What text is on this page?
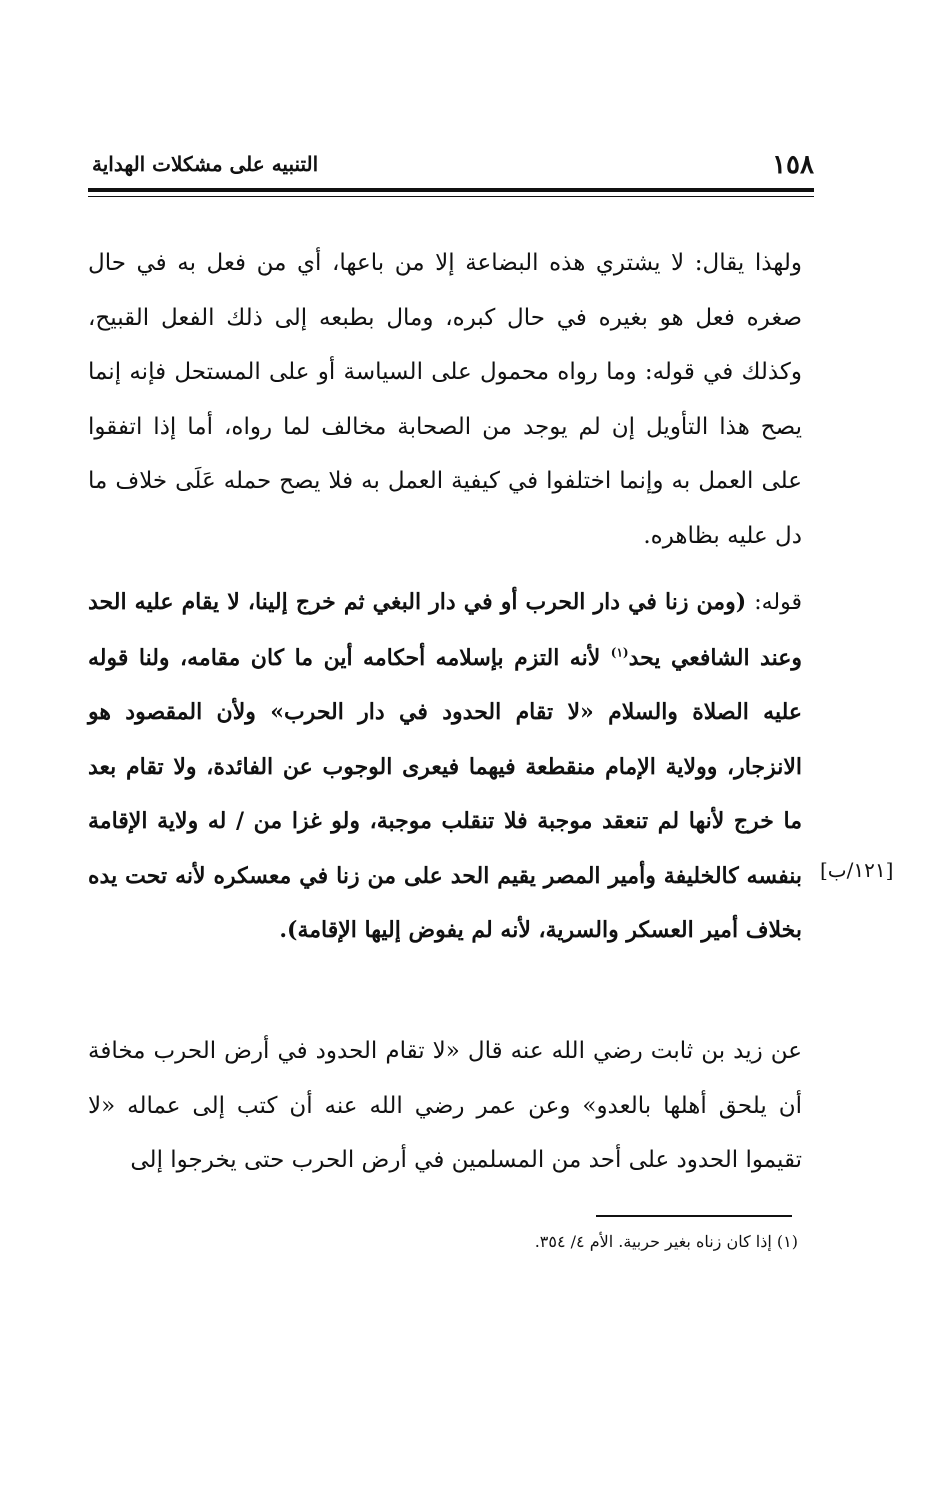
١٥٨
التنبيه على مشكلات الهداية

ولهذا يقال: لا يشتري هذه البضاعة إلا من باعها، أي من فعل به في حال صغره فعل هو بغيره في حال كبره، ومال بطبعه إلى ذلك الفعل القبيح، وكذلك في قوله: وما رواه محمول على السياسة أو على المستحل فإنه إنما يصح هذا التأويل إن لم يوجد من الصحابة مخالف لما رواه، أما إذا اتفقوا على العمل به وإنما اختلفوا في كيفية العمل به فلا يصح حمله عَلَى خلاف ما دل عليه بظاهره.

قوله: (ومن زنا في دار الحرب أو في دار البغي ثم خرج إلينا، لا يقام عليه الحد وعند الشافعي يحد$^{(١)}$ لأنه التزم بإسلامه أحكامه أين ما كان مقامه، ولنا قوله عليه الصلاة والسلام «لا تقام الحدود في دار الحرب» ولأن المقصود هو الانزجار، وولاية الإمام منقطعة فيهما فيعرى الوجوب عن الفائدة، ولا تقام بعد ما خرج لأنها لم تنعقد موجبة فلا تنقلب موجبة، ولو غزا من / له ولاية الإقامة بنفسه كالخليفة وأمير المصر يقيم الحد على من زنا في معسكره لأنه تحت يده بخلاف أمير العسكر والسرية، لأنه لم يفوض إليها الإقامة).

[١٢١/ب]

عن زيد بن ثابت رضي الله عنه قال «لا تقام الحدود في أرض الحرب مخافة أن يلحق أهلها بالعدو» وعن عمر رضي الله عنه أن كتب إلى عماله «لا تقيموا الحدود على أحد من المسلمين في أرض الحرب حتى يخرجوا إلى

(١) إذا كان زناه بغير حربية. الأم ٤/ ٣٥٤.
